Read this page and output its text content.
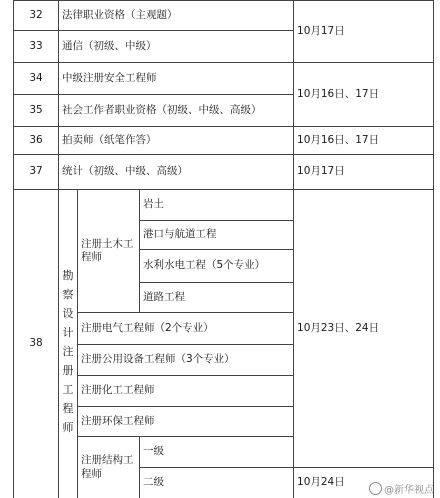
32	法律职业资格（主观题）			10月17日
33	通信（初级、中级）			
34	中级注册安全工程师			10月16日、17日
35	社会工作者职业资格（初级、中级、高级）			
36	拍卖师（纸笔作答）			10月16日、17日
37	统计（初级、中级、高级）			10月17日
38	勘察设计注册工程师	注册土木工程师	岩土	10月23日、24日
			港口与航道工程	
			水利水电工程（5个专业）	
			道路工程	
		注册电气工程师（2个专业）		
		注册公用设备工程师（3个专业）		
		注册化工工程师		
		注册环保工程师		
		注册结构工程师	一级	
			二级	10月24日

@新华视点
